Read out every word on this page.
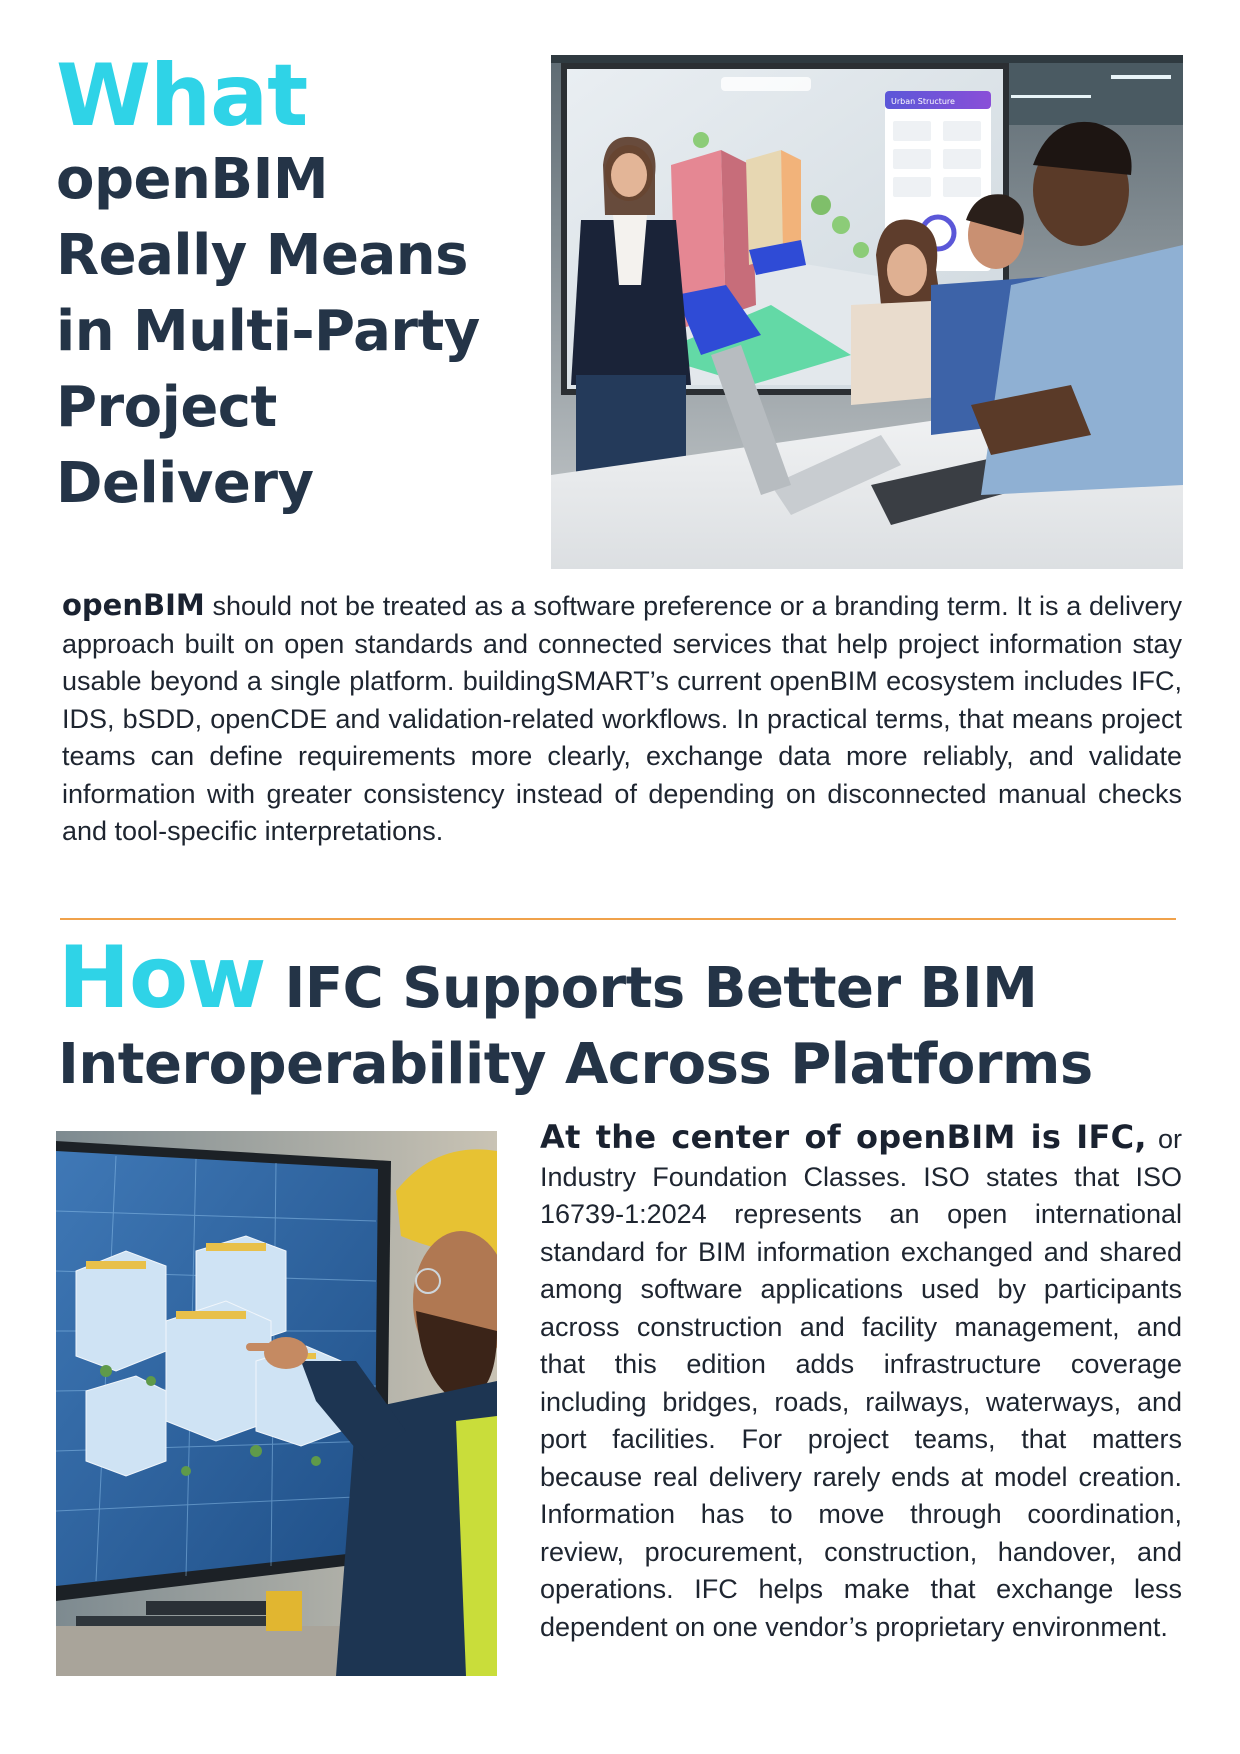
What
openBIM
Really Means
in Multi-Party
Project
Delivery
Urban Structure

openBIM should not be treated as a software preference or a branding term. It is a delivery approach built on open standards and connected services that help project information stay usable beyond a single platform. buildingSMART’s current openBIM ecosystem includes IFC, IDS, bSDD, openCDE and validation-related workflows. In practical terms, that means project teams can define requirements more clearly, exchange data more reliably, and validate information with greater consistency instead of depending on disconnected manual checks and tool-specific interpretations.

How IFC Supports Better BIM
Interoperability Across Platforms

At the center of openBIM is IFC, or Industry Foundation Classes. ISO states that ISO 16739-1:2024 represents an open international standard for BIM information exchanged and shared among software applications used by participants across construction and facility management, and that this edition adds infrastructure coverage including bridges, roads, railways, waterways, and port facilities. For project teams, that matters because real delivery rarely ends at model creation. Information has to move through coordination, review, procurement, construction, handover, and operations. IFC helps make that exchange less dependent on one vendor’s proprietary environment.
